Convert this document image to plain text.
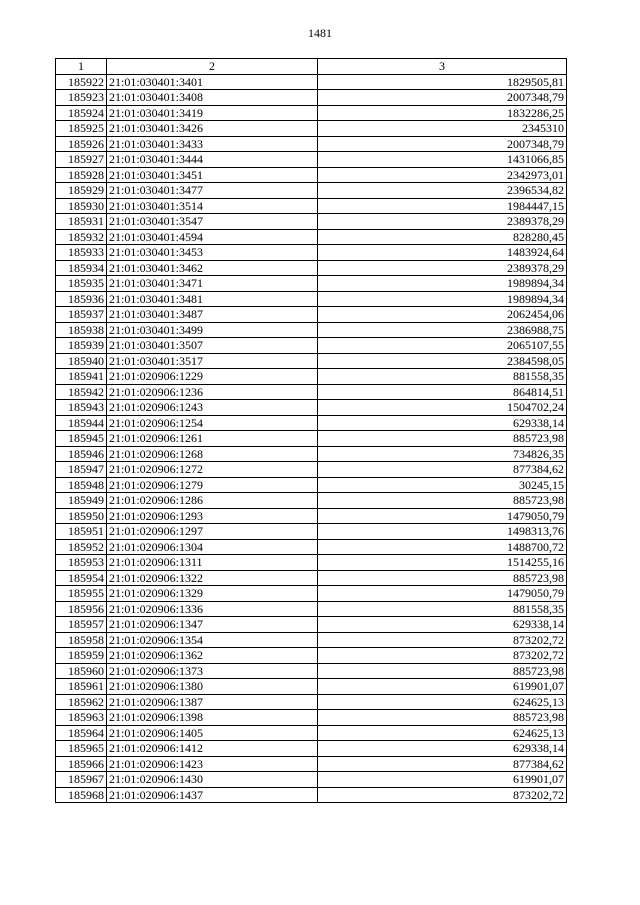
1481
1	2	3
185922	21:01:030401:3401	1829505,81
185923	21:01:030401:3408	2007348,79
185924	21:01:030401:3419	1832286,25
185925	21:01:030401:3426	2345310
185926	21:01:030401:3433	2007348,79
185927	21:01:030401:3444	1431066,85
185928	21:01:030401:3451	2342973,01
185929	21:01:030401:3477	2396534,82
185930	21:01:030401:3514	1984447,15
185931	21:01:030401:3547	2389378,29
185932	21:01:030401:4594	828280,45
185933	21:01:030401:3453	1483924,64
185934	21:01:030401:3462	2389378,29
185935	21:01:030401:3471	1989894,34
185936	21:01:030401:3481	1989894,34
185937	21:01:030401:3487	2062454,06
185938	21:01:030401:3499	2386988,75
185939	21:01:030401:3507	2065107,55
185940	21:01:030401:3517	2384598,05
185941	21:01:020906:1229	881558,35
185942	21:01:020906:1236	864814,51
185943	21:01:020906:1243	1504702,24
185944	21:01:020906:1254	629338,14
185945	21:01:020906:1261	885723,98
185946	21:01:020906:1268	734826,35
185947	21:01:020906:1272	877384,62
185948	21:01:020906:1279	30245,15
185949	21:01:020906:1286	885723,98
185950	21:01:020906:1293	1479050,79
185951	21:01:020906:1297	1498313,76
185952	21:01:020906:1304	1488700,72
185953	21:01:020906:1311	1514255,16
185954	21:01:020906:1322	885723,98
185955	21:01:020906:1329	1479050,79
185956	21:01:020906:1336	881558,35
185957	21:01:020906:1347	629338,14
185958	21:01:020906:1354	873202,72
185959	21:01:020906:1362	873202,72
185960	21:01:020906:1373	885723,98
185961	21:01:020906:1380	619901,07
185962	21:01:020906:1387	624625,13
185963	21:01:020906:1398	885723,98
185964	21:01:020906:1405	624625,13
185965	21:01:020906:1412	629338,14
185966	21:01:020906:1423	877384,62
185967	21:01:020906:1430	619901,07
185968	21:01:020906:1437	873202,72
